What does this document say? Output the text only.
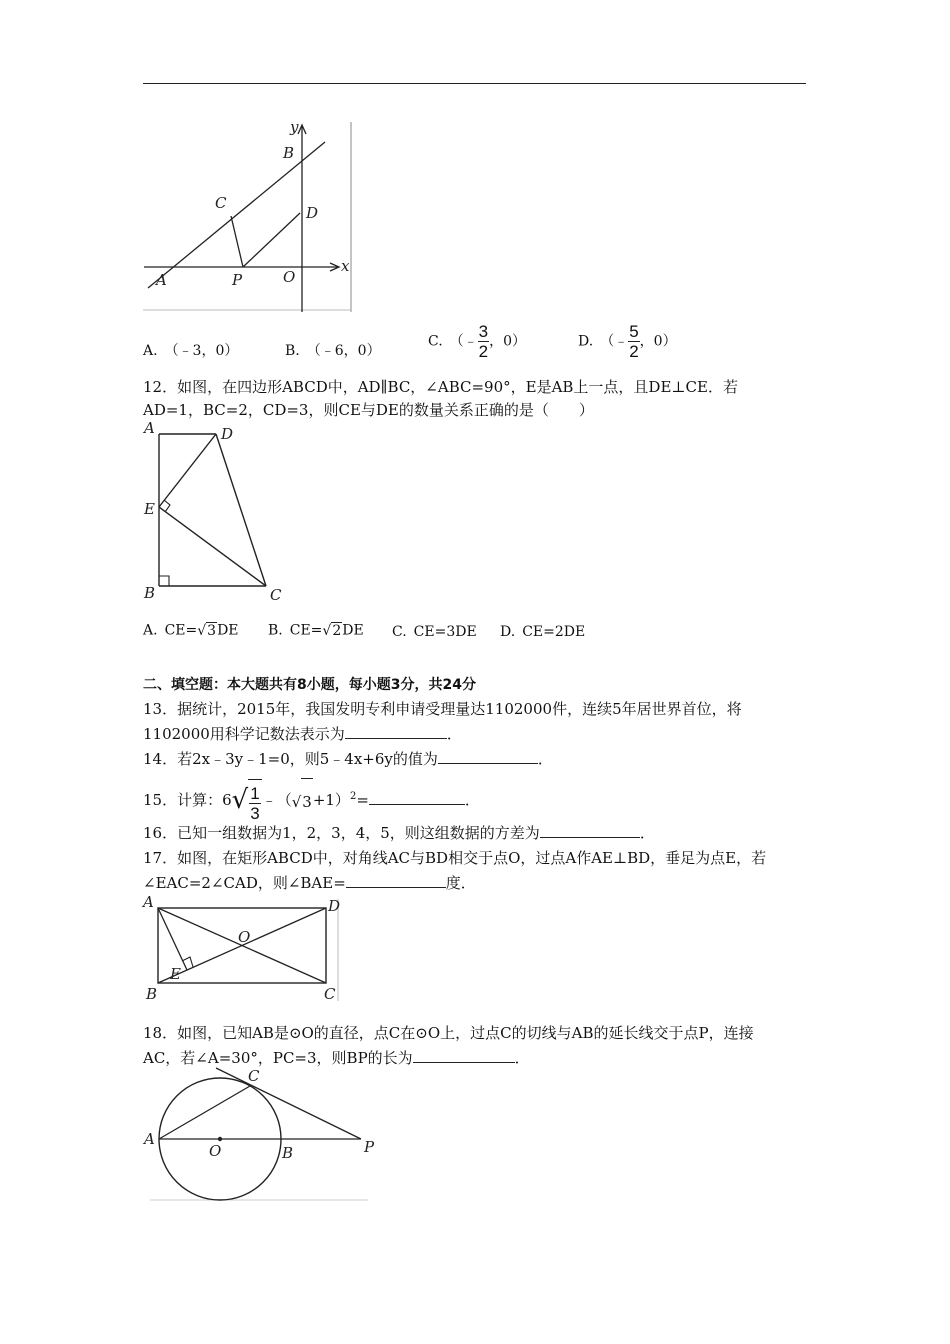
y
x
B
C
D
A	P	O
A.  （﹣3，0）	B.  （﹣6，0）
C.  （﹣ $\frac{3}{2}$ ，0）	D.  （﹣ $\frac{5}{2}$ ，0）
12．如图，在四边形ABCD中，AD∥BC，∠ABC=90°，E是AB上一点，且DE⊥CE．若
AD=1，BC=2，CD=3，则CE与DE的数量关系正确的是（　　）
A	D
E
B	C
A.  CE=√3DE B.  CE=√2DE C.  CE=3DE D.  CE=2DE
二、填空题：本大题共有8小题，每小题3分，共24分
13．据统计，2015年，我国发明专利申请受理量达1102000件，连续5年居世界首位，将
1102000用科学记数法表示为	．
14．若2x﹣3y﹣1=0，则5﹣4x+6y的值为	．
15．计算：$6√ \frac{1}{3}$ $﹣(√3+1)^2=$	．
16．已知一组数据为1，2，3，4，5，则这组数据的方差为	．
17．如图，在矩形ABCD中，对角线AC与BD相交于点O，过点A作AE⊥BD，垂足为点E，若
∠EAC=2∠CAD，则∠BAE=	度．
A	D
O
E
B	C
18．如图，已知AB是⊙O的直径，点C在⊙O上，过点C的切线与AB的延长线交于点P，连接
AC，若∠A=30°，PC=3，则BP的长为	．
A
C
O	B	P
